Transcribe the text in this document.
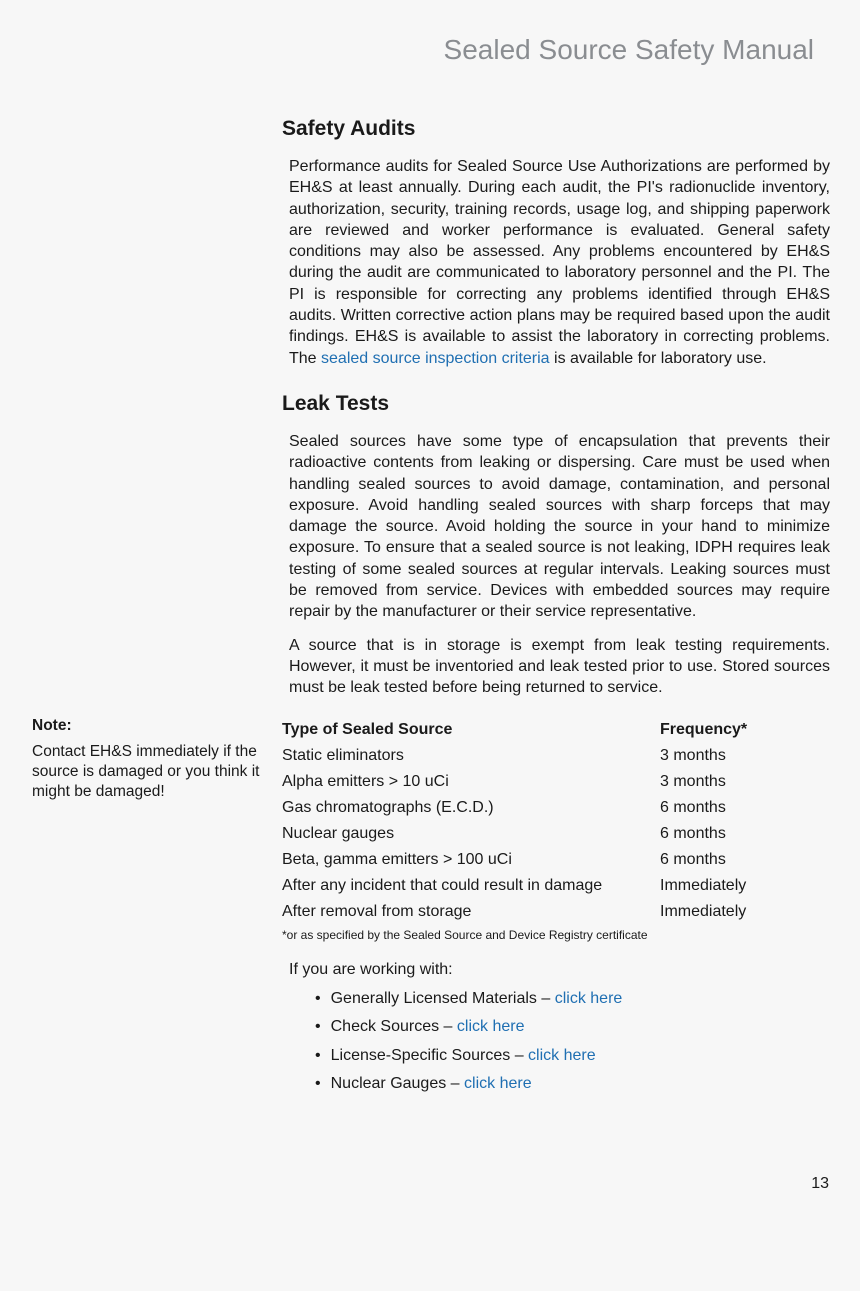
Sealed Source Safety Manual
Note:
Contact EH&S immediately if the source is damaged or you think it might be damaged!
Safety Audits

Performance audits for Sealed Source Use Authorizations are performed by EH&S at least annually. During each audit, the PI's radionuclide inventory, authorization, security, training records, usage log, and shipping paperwork are reviewed and worker performance is evaluated. General safety conditions may also be assessed. Any problems encountered by EH&S during the audit are communicated to laboratory personnel and the PI. The PI is responsible for correcting any problems identified through EH&S audits. Written corrective action plans may be required based upon the audit findings. EH&S is available to assist the laboratory in correcting problems. The sealed source inspection criteria is available for laboratory use.

Leak Tests

Sealed sources have some type of encapsulation that prevents their radioactive contents from leaking or dispersing. Care must be used when handling sealed sources to avoid damage, contamination, and personal exposure. Avoid handling sealed sources with sharp forceps that may damage the source. Avoid holding the source in your hand to minimize exposure. To ensure that a sealed source is not leaking, IDPH requires leak testing of some sealed sources at regular intervals. Leaking sources must be removed from service. Devices with embedded sources may require repair by the manufacturer or their service representative.

A source that is in storage is exempt from leak testing requirements. However, it must be inventoried and leak tested prior to use. Stored sources must be leak tested before being returned to service.

Type of Sealed Source	Frequency*
Static eliminators	3 months
Alpha emitters > 10 uCi	3 months
Gas chromatographs (E.C.D.)	6 months
Nuclear gauges	6 months
Beta, gamma emitters > 100 uCi	6 months
After any incident that could result in damage	Immediately
After removal from storage	Immediately
*or as specified by the Sealed Source and Device Registry certificate
If you are working with:
• Generally Licensed Materials – click here
• Check Sources – click here
• License-Specific Sources – click here
• Nuclear Gauges – click here
13
